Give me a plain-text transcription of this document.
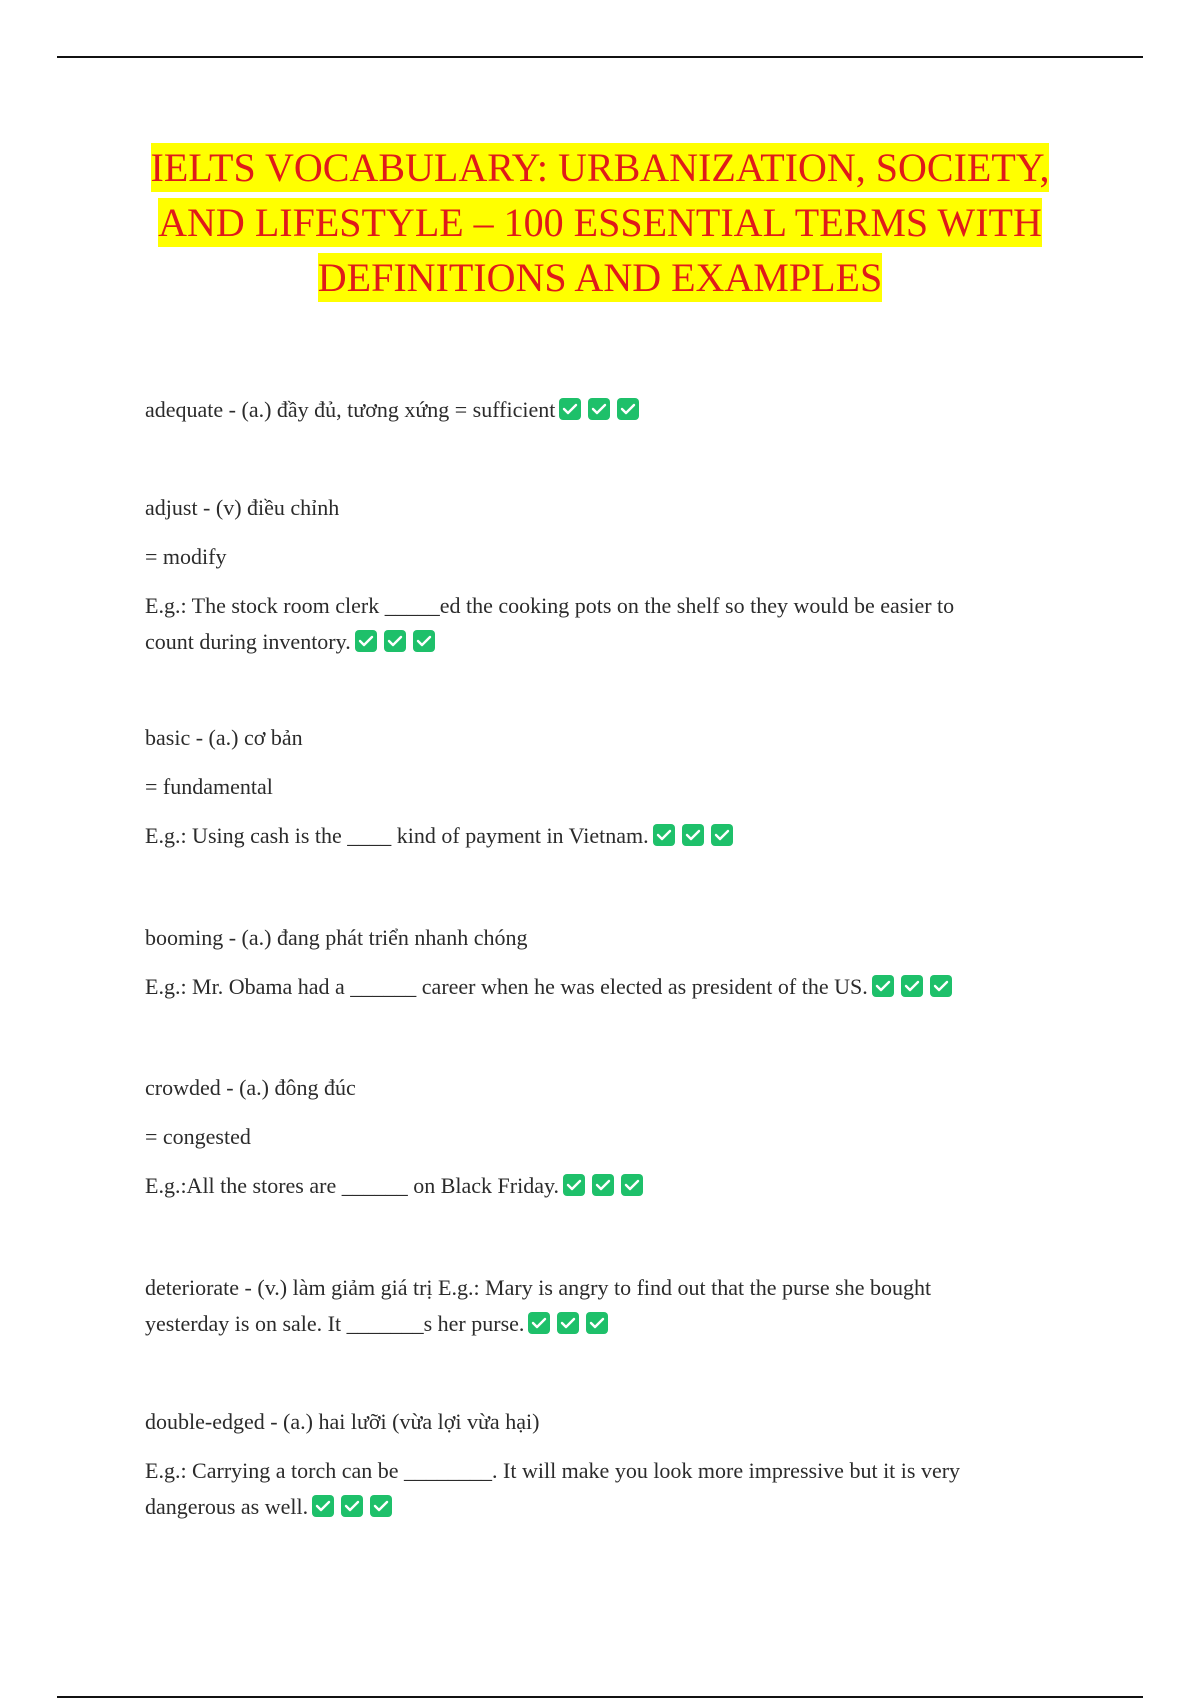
IELTS VOCABULARY: URBANIZATION, SOCIETY,
AND LIFESTYLE – 100 ESSENTIAL TERMS WITH
DEFINITIONS AND EXAMPLES

adequate - (a.) đầy đủ, tương xứng = sufficient

adjust - (v) điều chỉnh

= modify

E.g.: The stock room clerk _____ed the cooking pots on the shelf so they would be easier to
count during inventory.

basic - (a.) cơ bản

= fundamental

E.g.: Using cash is the ____ kind of payment in Vietnam.

booming - (a.) đang phát triển nhanh chóng

E.g.: Mr. Obama had a ______ career when he was elected as president of the US.

crowded - (a.) đông đúc

= congested

E.g.:All the stores are ______ on Black Friday.

deteriorate - (v.) làm giảm giá trị E.g.: Mary is angry to find out that the purse she bought
yesterday is on sale. It _______s her purse.

double-edged - (a.) hai lưỡi (vừa lợi vừa hại)

E.g.: Carrying a torch can be ________. It will make you look more impressive but it is very
dangerous as well.
